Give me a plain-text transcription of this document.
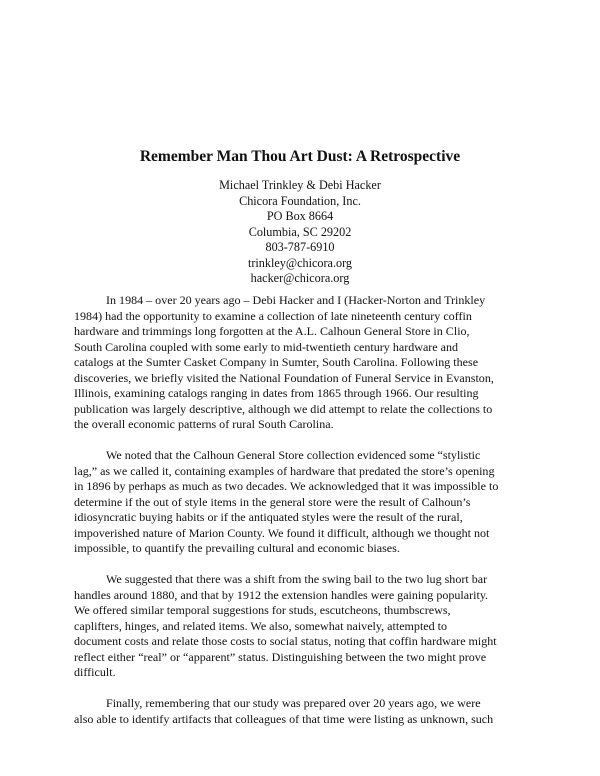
Remember Man Thou Art Dust: A Retrospective
Michael Trinkley & Debi Hacker
Chicora Foundation, Inc.
PO Box 8664
Columbia, SC 29202
803-787-6910
trinkley@chicora.org
hacker@chicora.org

In 1984 – over 20 years ago – Debi Hacker and I (Hacker-Norton and Trinkley
1984) had the opportunity to examine a collection of late nineteenth century coffin
hardware and trimmings long forgotten at the A.L. Calhoun General Store in Clio,
South Carolina coupled with some early to mid-twentieth century hardware and
catalogs at the Sumter Casket Company in Sumter, South Carolina. Following these
discoveries, we briefly visited the National Foundation of Funeral Service in Evanston,
Illinois, examining catalogs ranging in dates from 1865 through 1966. Our resulting
publication was largely descriptive, although we did attempt to relate the collections to
the overall economic patterns of rural South Carolina.

We noted that the Calhoun General Store collection evidenced some “stylistic
lag,” as we called it, containing examples of hardware that predated the store’s opening
in 1896 by perhaps as much as two decades. We acknowledged that it was impossible to
determine if the out of style items in the general store were the result of Calhoun’s
idiosyncratic buying habits or if the antiquated styles were the result of the rural,
impoverished nature of Marion County. We found it difficult, although we thought not
impossible, to quantify the prevailing cultural and economic biases.

We suggested that there was a shift from the swing bail to the two lug short bar
handles around 1880, and that by 1912 the extension handles were gaining popularity.
We offered similar temporal suggestions for studs, escutcheons, thumbscrews,
caplifters, hinges, and related items. We also, somewhat naively, attempted to
document costs and relate those costs to social status, noting that coffin hardware might
reflect either “real” or “apparent” status. Distinguishing between the two might prove
difficult.

Finally, remembering that our study was prepared over 20 years ago, we were
also able to identify artifacts that colleagues of that time were listing as unknown, such
